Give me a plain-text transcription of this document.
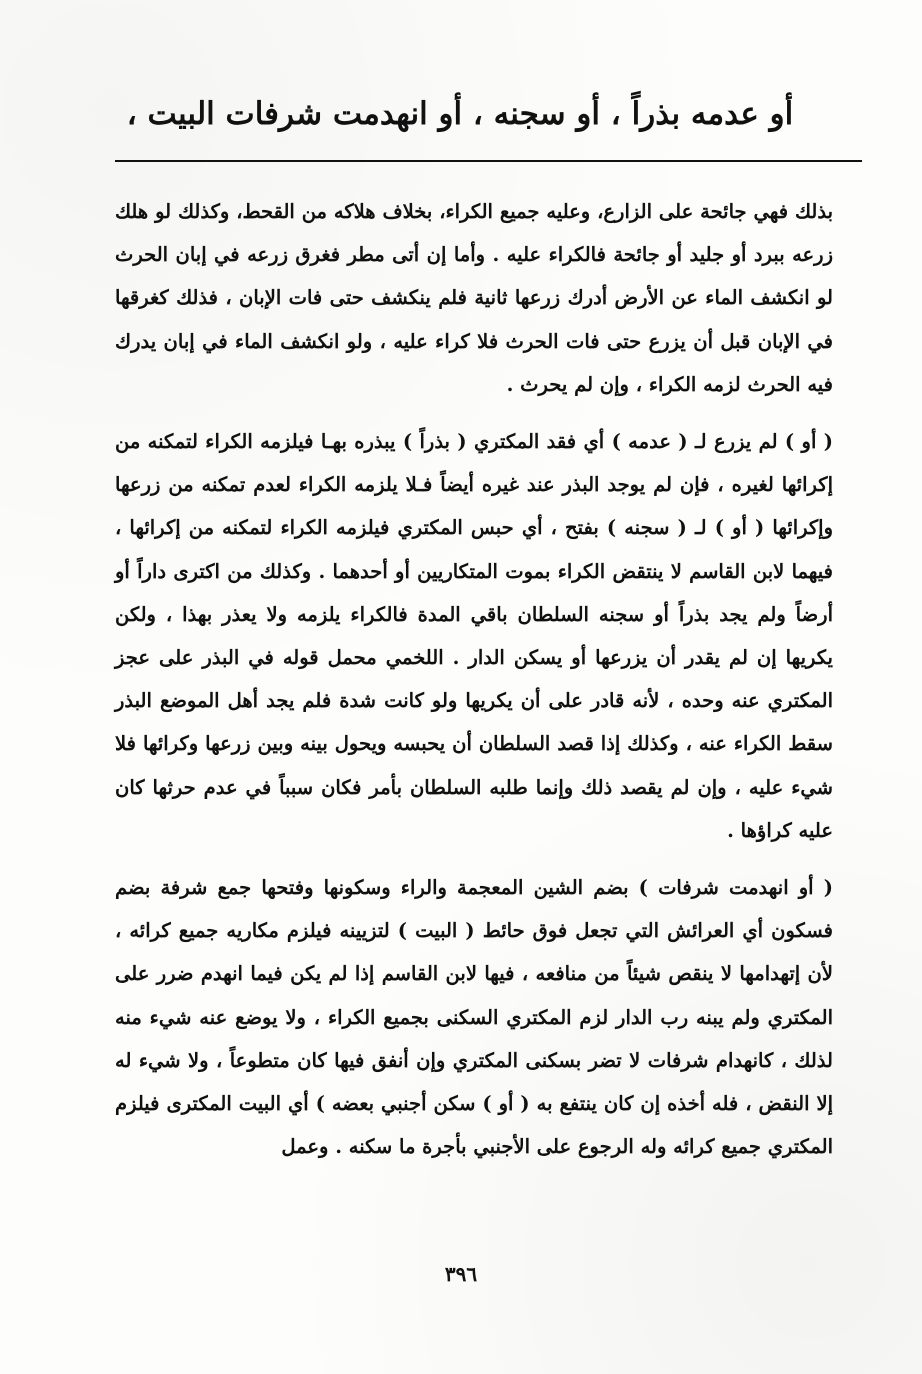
أو عدمه بذراً ، أو سجنه ، أو انهدمت شرفات البيت ،

بذلك فهي جائحة على الزارع، وعليه جميع الكراء، بخلاف هلاكه من القحط، وكذلك لو هلك زرعه ببرد أو جليد أو جائحة فالكراء عليه . وأما إن أتى مطر فغرق زرعه في إبان الحرث لو انكشف الماء عن الأرض أدرك زرعها ثانية فلم ينكشف حتى فات الإبان ، فذلك كغرقها في الإبان قبل أن يزرع حتى فات الحرث فلا كراء عليه ، ولو انكشف الماء في إبان يدرك فيه الحرث لزمه الكراء ، وإن لم يحرث .

( أو ) لم يزرع لـ ( عدمه ) أي فقد المكتري ( بذراً ) يبذره بهـا فيلزمه الكراء لتمكنه من إكرائها لغيره ، فإن لم يوجد البذر عند غيره أيضاً فـلا يلزمه الكراء لعدم تمكنه من زرعها وإكرائها ( أو ) لـ ( سجنه ) بفتح ، أي حبس المكتري فيلزمه الكراء لتمكنه من إكرائها ، فيهما لابن القاسم لا ينتقض الكراء بموت المتكاريين أو أحدهما . وكذلك من اكترى داراً أو أرضاً ولم يجد بذراً أو سجنه السلطان باقي المدة فالكراء يلزمه ولا يعذر بهذا ، ولكن يكريها إن لم يقدر أن يزرعها أو يسكن الدار . اللخمي محمل قوله في البذر على عجز المكتري عنه وحده ، لأنه قادر على أن يكريها ولو كانت شدة فلم يجد أهل الموضع البذر سقط الكراء عنه ، وكذلك إذا قصد السلطان أن يحبسه ويحول بينه وبين زرعها وكرائها فلا شيء عليه ، وإن لم يقصد ذلك وإنما طلبه السلطان بأمر فكان سبباً في عدم حرثها كان عليه كراؤها .

( أو انهدمت شرفات ) بضم الشين المعجمة والراء وسكونها وفتحها جمع شرفة بضم فسكون أي العرائش التي تجعل فوق حائط ( البيت ) لتزيينه فيلزم مكاريه جميع كرائه ، لأن إتهدامها لا ينقص شيئاً من منافعه ، فيها لابن القاسم إذا لم يكن فيما انهدم ضرر على المكتري ولم يبنه رب الدار لزم المكتري السكنى بجميع الكراء ، ولا يوضع عنه شيء منه لذلك ، كانهدام شرفات لا تضر بسكنى المكتري وإن أنفق فيها كان متطوعاً ، ولا شيء له إلا النقض ، فله أخذه إن كان ينتفع به ( أو ) سكن أجنبي بعضه ) أي البيت المكترى فيلزم المكتري جميع كرائه وله الرجوع على الأجنبي بأجرة ما سكنه . وعمل

٣٩٦
